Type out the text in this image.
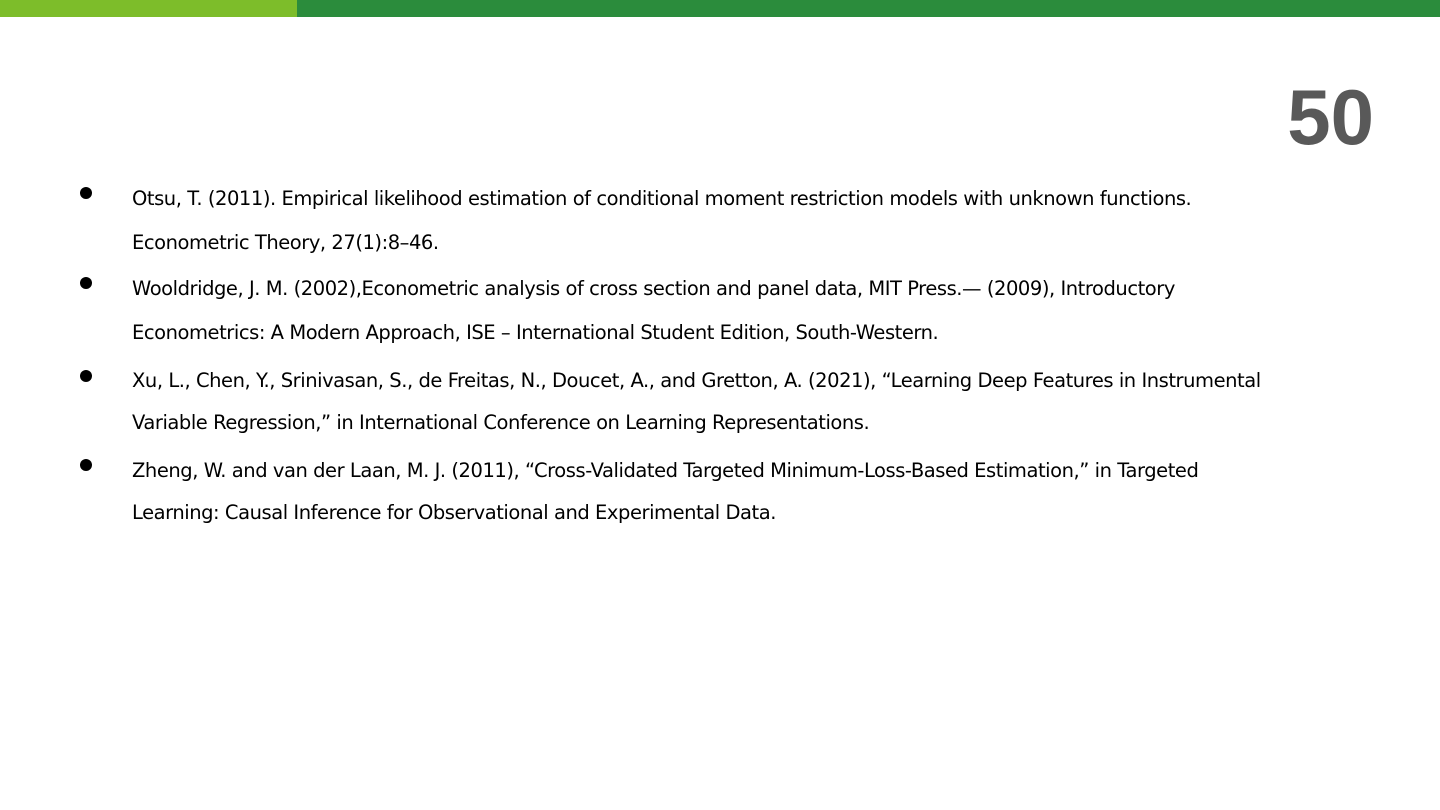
50
Otsu, T. (2011). Empirical likelihood estimation of conditional moment restriction models with unknown functions.
Econometric Theory, 27(1):8–46.
Wooldridge, J. M. (2002),Econometric analysis of cross section and panel data, MIT Press.— (2009), Introductory
Econometrics: A Modern Approach, ISE – International Student Edition, South-Western.
Xu, L., Chen, Y., Srinivasan, S., de Freitas, N., Doucet, A., and Gretton, A. (2021), “Learning Deep Features in Instrumental
Variable Regression,” in International Conference on Learning Representations.
Zheng, W. and van der Laan, M. J. (2011), “Cross-Validated Targeted Minimum-Loss-Based Estimation,” in Targeted
Learning: Causal Inference for Observational and Experimental Data.
